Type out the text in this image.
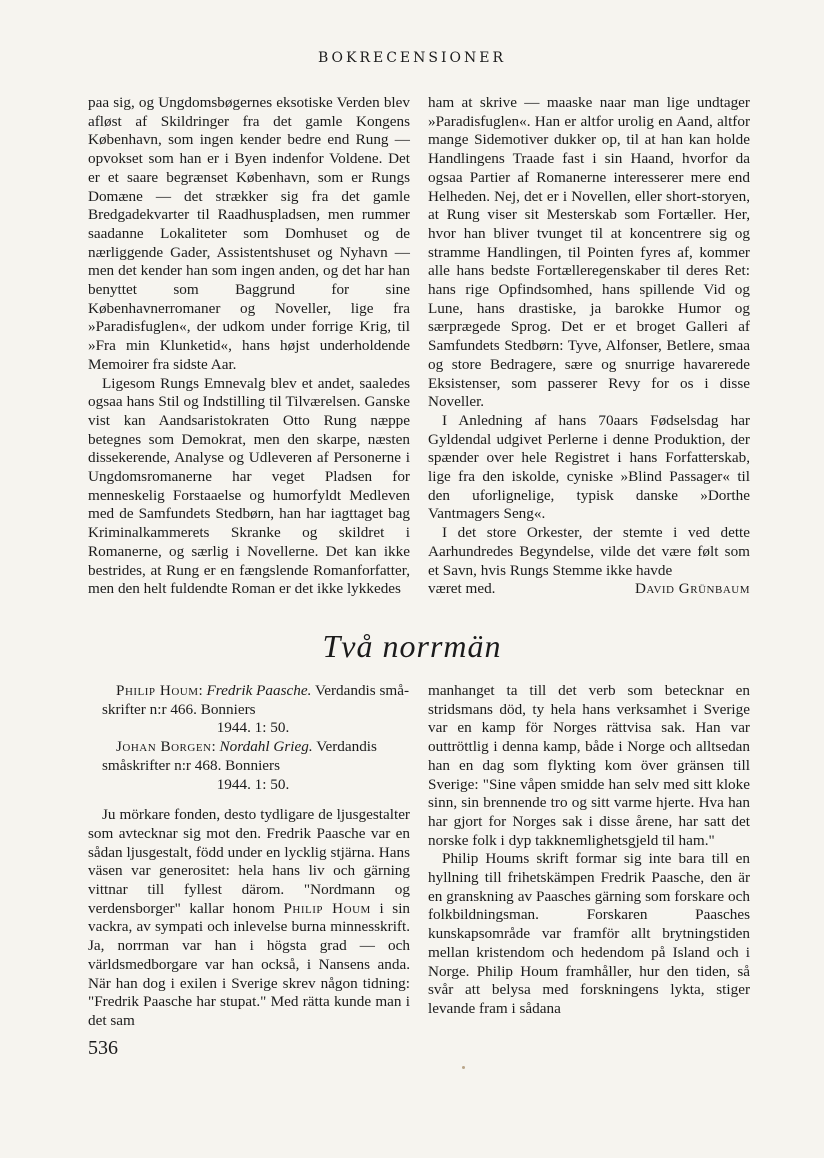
BOKRECENSIONER

paa sig, og Ungdomsbøgernes eksotiske Verden blev afløst af Skildringer fra det gamle Kongens København, som ingen kender bedre end Rung — opvokset som han er i Byen indenfor Voldene. Det er et saare begrænset København, som er Rungs Domæne — det strækker sig fra det gamle Bredgadekvarter til Raadhuspladsen, men rummer saadanne Lokaliteter som Domhuset og de nærliggende Gader, Assistentshuset og Nyhavn — men det kender han som ingen anden, og det har han benyttet som Baggrund for sine Københavnerromaner og Noveller, lige fra »Paradisfuglen«, der udkom under forrige Krig, til »Fra min Klunketid«, hans højst underholdende Memoirer fra sidste Aar.

Ligesom Rungs Emnevalg blev et andet, saaledes ogsaa hans Stil og Indstilling til Tilværelsen. Ganske vist kan Aandsaristokraten Otto Rung næppe betegnes som Demokrat, men den skarpe, næsten dissekerende, Analyse og Udleveren af Personerne i Ungdomsromanerne har veget Pladsen for menneskelig Forstaaelse og humorfyldt Medleven med de Samfundets Stedbørn, han har iagttaget bag Kriminalkammerets Skranke og skildret i Romanerne, og særlig i Novellerne. Det kan ikke bestrides, at Rung er en fængslende Romanforfatter, men den helt fuldendte Roman er det ikke lykkedes

ham at skrive — maaske naar man lige undtager »Paradisfuglen«. Han er altfor urolig en Aand, altfor mange Sidemotiver dukker op, til at han kan holde Handlingens Traade fast i sin Haand, hvorfor da ogsaa Partier af Romanerne interesserer mere end Helheden. Nej, det er i Novellen, eller short-storyen, at Rung viser sit Mesterskab som Fortæller. Her, hvor han bliver tvunget til at koncentrere sig og stramme Handlingen, til Pointen fyres af, kommer alle hans bedste Fortælleregenskaber til deres Ret: hans rige Opfindsomhed, hans spillende Vid og Lune, hans drastiske, ja barokke Humor og særprægede Sprog. Det er et broget Galleri af Samfundets Stedbørn: Tyve, Alfonser, Betlere, smaa og store Bedragere, sære og snurrige havarerede Eksistenser, som passerer Revy for os i disse Noveller.

I Anledning af hans 70aars Fødselsdag har Gyldendal udgivet Perlerne i denne Produktion, der spænder over hele Registret i hans Forfatterskab, lige fra den iskolde, cyniske »Blind Passager« til den uforlignelige, typisk danske »Dorthe Vantmagers Seng«.

I det store Orkester, der stemte i ved dette Aarhundredes Begyndelse, vilde det være følt som et Savn, hvis Rungs Stemme ikke havde

været med.	David Grünbaum
Två norrmän

Philip Houm: Fredrik Paasche. Verdandis småskrifter n:r 466. Bonniers
1944. 1: 50.

Johan Borgen: Nordahl Grieg. Verdandis småskrifter n:r 468. Bonniers
1944. 1: 50.

Ju mörkare fonden, desto tydligare de ljusgestalter som avtecknar sig mot den. Fredrik Paasche var en sådan ljusgestalt, född under en lycklig stjärna. Hans väsen var generositet: hela hans liv och gärning vittnar till fyllest därom. "Nordmann og verdensborger" kallar honom Philip Houm i sin vackra, av sympati och inlevelse burna minnesskrift. Ja, norrman var han i högsta grad — och världsmedborgare var han också, i Nansens anda. När han dog i exilen i Sverige skrev någon tidning: "Fredrik Paasche har stupat." Med rätta kunde man i det sam

manhanget ta till det verb som betecknar en stridsmans död, ty hela hans verksamhet i Sverige var en kamp för Norges rättvisa sak. Han var outtröttlig i denna kamp, både i Norge och alltsedan han en dag som flykting kom över gränsen till Sverige: "Sine våpen smidde han selv med sitt kloke sinn, sin brennende tro og sitt varme hjerte. Hva han har gjort for Norges sak i disse årene, har satt det norske folk i dyp takknemlighetsgjeld til ham."

Philip Houms skrift formar sig inte bara till en hyllning till frihetskämpen Fredrik Paasche, den är en granskning av Paasches gärning som forskare och folkbildningsman. Forskaren Paasches kunskapsområde var framför allt brytningstiden mellan kristendom och hedendom på Island och i Norge. Philip Houm framhåller, hur den tiden, så svår att belysa med forskningens lykta, stiger levande fram i sådana

536
